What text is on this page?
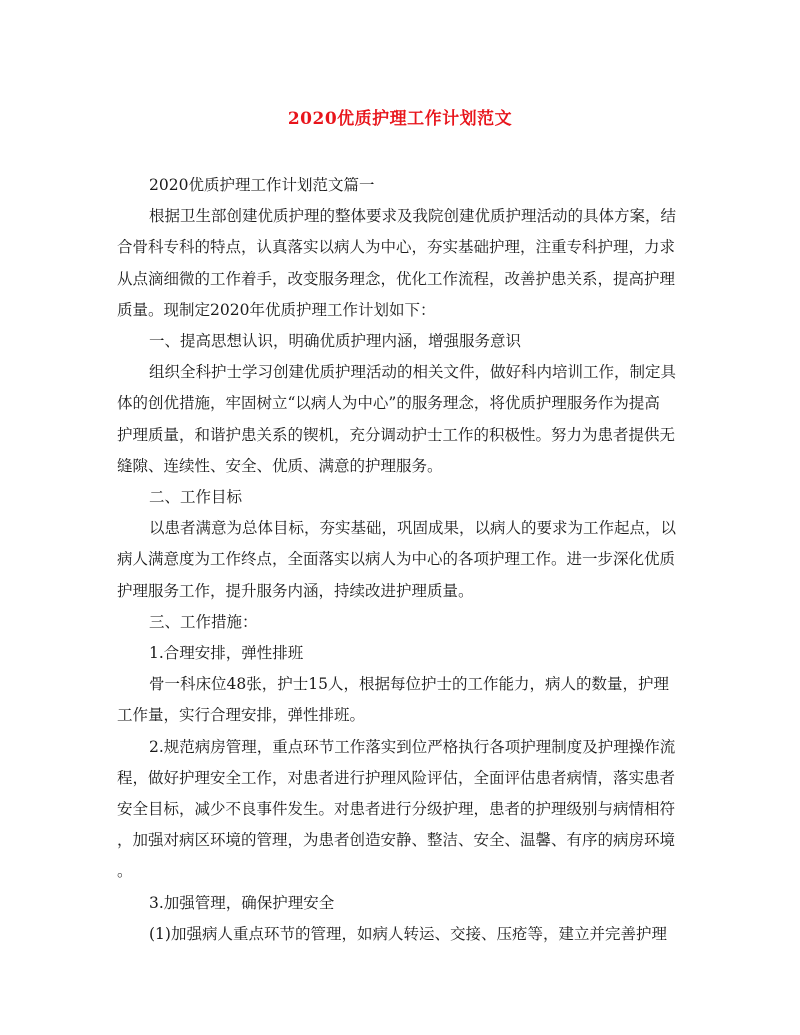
2020优质护理工作计划范文
2020优质护理工作计划范文篇一
根据卫生部创建优质护理的整体要求及我院创建优质护理活动的具体方案，结
合骨科专科的特点，认真落实以病人为中心，夯实基础护理，注重专科护理，力求
从点滴细微的工作着手，改变服务理念，优化工作流程，改善护患关系，提高护理
质量。现制定2020年优质护理工作计划如下：
一、提高思想认识，明确优质护理内涵，增强服务意识
组织全科护士学习创建优质护理活动的相关文件，做好科内培训工作，制定具
体的创优措施，牢固树立“以病人为中心”的服务理念，将优质护理服务作为提高
护理质量，和谐护患关系的锲机，充分调动护士工作的积极性。努力为患者提供无
缝隙、连续性、安全、优质、满意的护理服务。
二、工作目标
以患者满意为总体目标，夯实基础，巩固成果，以病人的要求为工作起点，以
病人满意度为工作终点，全面落实以病人为中心的各项护理工作。进一步深化优质
护理服务工作，提升服务内涵，持续改进护理质量。
三、工作措施：
1.合理安排，弹性排班
骨一科床位48张，护士15人，根据每位护士的工作能力，病人的数量，护理
工作量，实行合理安排，弹性排班。
2.规范病房管理，重点环节工作落实到位严格执行各项护理制度及护理操作流
程，做好护理安全工作，对患者进行护理风险评估，全面评估患者病情，落实患者
安全目标，减少不良事件发生。对患者进行分级护理，患者的护理级别与病情相符
，加强对病区环境的管理，为患者创造安静、整洁、安全、温馨、有序的病房环境
。
3.加强管理，确保护理安全
(1)加强病人重点环节的管理，如病人转运、交接、压疮等，建立并完善护理
